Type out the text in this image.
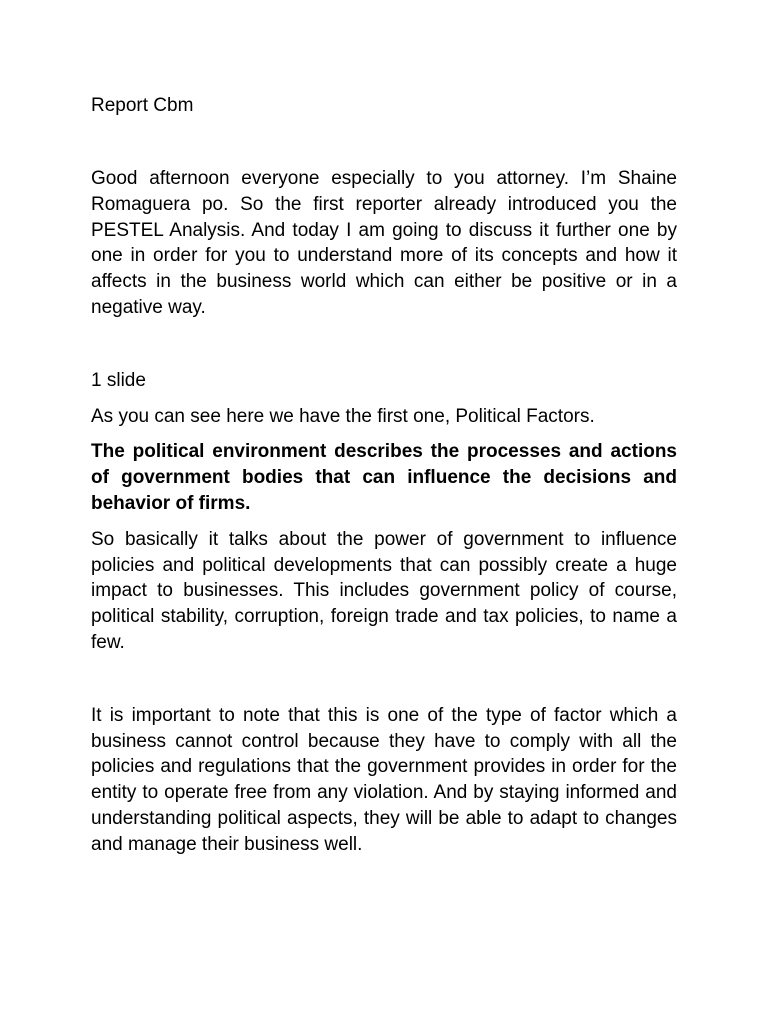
Report Cbm

Good afternoon everyone especially to you attorney. I’m Shaine Romaguera po. So the first reporter already introduced you the PESTEL Analysis. And today I am going to discuss it further one by one in order for you to understand more of its concepts and how it affects in the business world which can either be positive or in a negative way.

1 slide

As you can see here we have the first one, Political Factors.

The political environment describes the processes and actions of government bodies that can influence the decisions and behavior of firms.

So basically it talks about the power of government to influence policies and political developments that can possibly create a huge impact to businesses. This includes government policy of course, political stability, corruption, foreign trade and tax policies, to name a few.

It is important to note that this is one of the type of factor which a business cannot control because they have to comply with all the policies and regulations that the government provides in order for the entity to operate free from any violation. And by staying informed and understanding political aspects, they will be able to adapt to changes and manage their business well.
